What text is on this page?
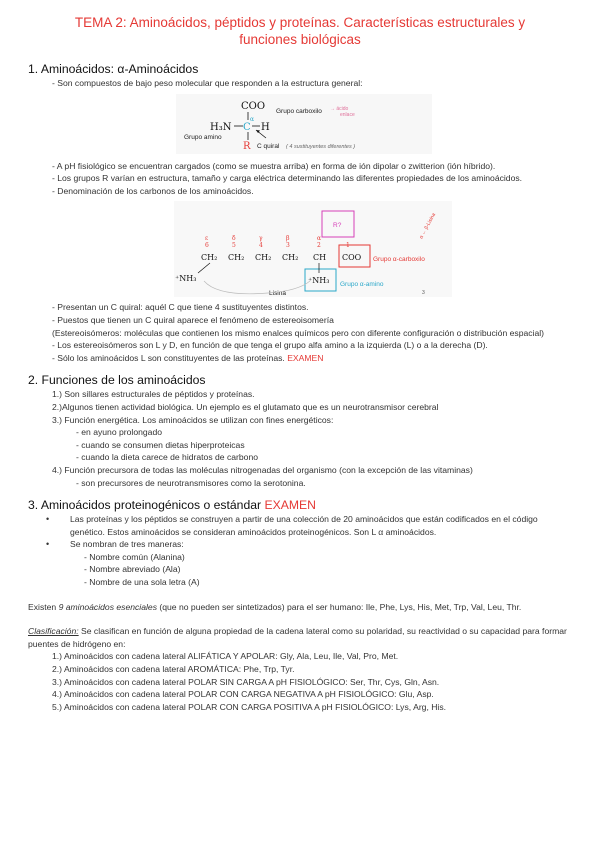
TEMA 2: Aminoácidos, péptidos y proteínas. Características estructurales y funciones biológicas
1. Aminoácidos: α-Aminoácidos
- Son compuestos de bajo peso molecular que responden a la estructura general:
COO
H₃N C
α
H
R
Grupo carboxilo → ácido
enlace
Grupo amino
C quiral ( 4 sustituyentes diferentes )
- A pH fisiológico se encuentran cargados (como se muestra arriba) en forma de ión dipolar o zwitterion (ión híbrido).
- Los grupos R varían en estructura, tamaño y carga eléctrica determinando las diferentes propiedades de los aminoácidos.
- Denominación de los carbonos de los aminoácidos.
R?
ε
6
CH₂
δ
5
CH₂
γ
4
CH₂
β
3
CH₂
α
2
CH
1
COO
⁺NH₃	⁺NH₃
Lisina
Grupo α-carboxilo
Grupo α-amino
α ← β-Lisina
3
- Presentan un C quiral: aquél C que tiene 4 sustituyentes distintos.
- Puestos que tienen un C quiral aparece el fenómeno de estereoisomería
(Estereoisómeros: moléculas que contienen los mismo enalces químicos pero con diferente configuración o distribución espacial)
- Los estereoisómeros son L y D, en función de que tenga el grupo alfa amino a la izquierda (L) o a la derecha (D).
- Sólo los aminoácidos L son constituyentes de las proteínas. EXAMEN
2. Funciones de los aminoácidos
1.) Son sillares estructurales de péptidos y proteínas.
2.)Algunos tienen actividad biológica. Un ejemplo es el glutamato que es un neurotransmisor cerebral
3.) Función energética. Los aminoácidos se utilizan con fines energéticos:
- en ayuno prolongado
- cuando se consumen dietas hiperproteicas
- cuando la dieta carece de hidratos de carbono
4.) Función precursora de todas las moléculas nitrogenadas del organismo (con la excepción de las vitaminas)
- son precursores de neurotransmisores como la serotonina.
3. Aminoácidos proteinogénicos o estándar EXAMEN
• Las proteínas y los péptidos se construyen a partir de una colección de 20 aminoácidos que están codificados en el código genético. Estos aminoácidos se consideran aminoácidos proteinogénicos. Son L α aminoácidos.
• Se nombran de tres maneras:
- Nombre común (Alanina)
- Nombre abreviado (Ala)
- Nombre de una sola letra (A)
Existen 9 aminoácidos esenciales (que no pueden ser sintetizados) para el ser humano: Ile, Phe, Lys, His, Met, Trp, Val, Leu, Thr.
Clasificación: Se clasifican en función de alguna propiedad de la cadena lateral como su polaridad, su reactividad o su capacidad para formar puentes de hidrógeno en:
1.) Aminoácidos con cadena lateral ALIFÁTICA Y APOLAR: Gly, Ala, Leu, Ile, Val, Pro, Met.
2.) Aminoácidos con cadena lateral AROMÁTICA: Phe, Trp, Tyr.
3.) Aminoácidos con cadena lateral POLAR SIN CARGA A pH FISIOLÓGICO: Ser, Thr, Cys, Gln, Asn.
4.) Aminoácidos con cadena lateral POLAR CON CARGA NEGATIVA A pH FISIOLÓGICO: Glu, Asp.
5.) Aminoácidos con cadena lateral POLAR CON CARGA POSITIVA A pH FISIOLÓGICO: Lys, Arg, His.
